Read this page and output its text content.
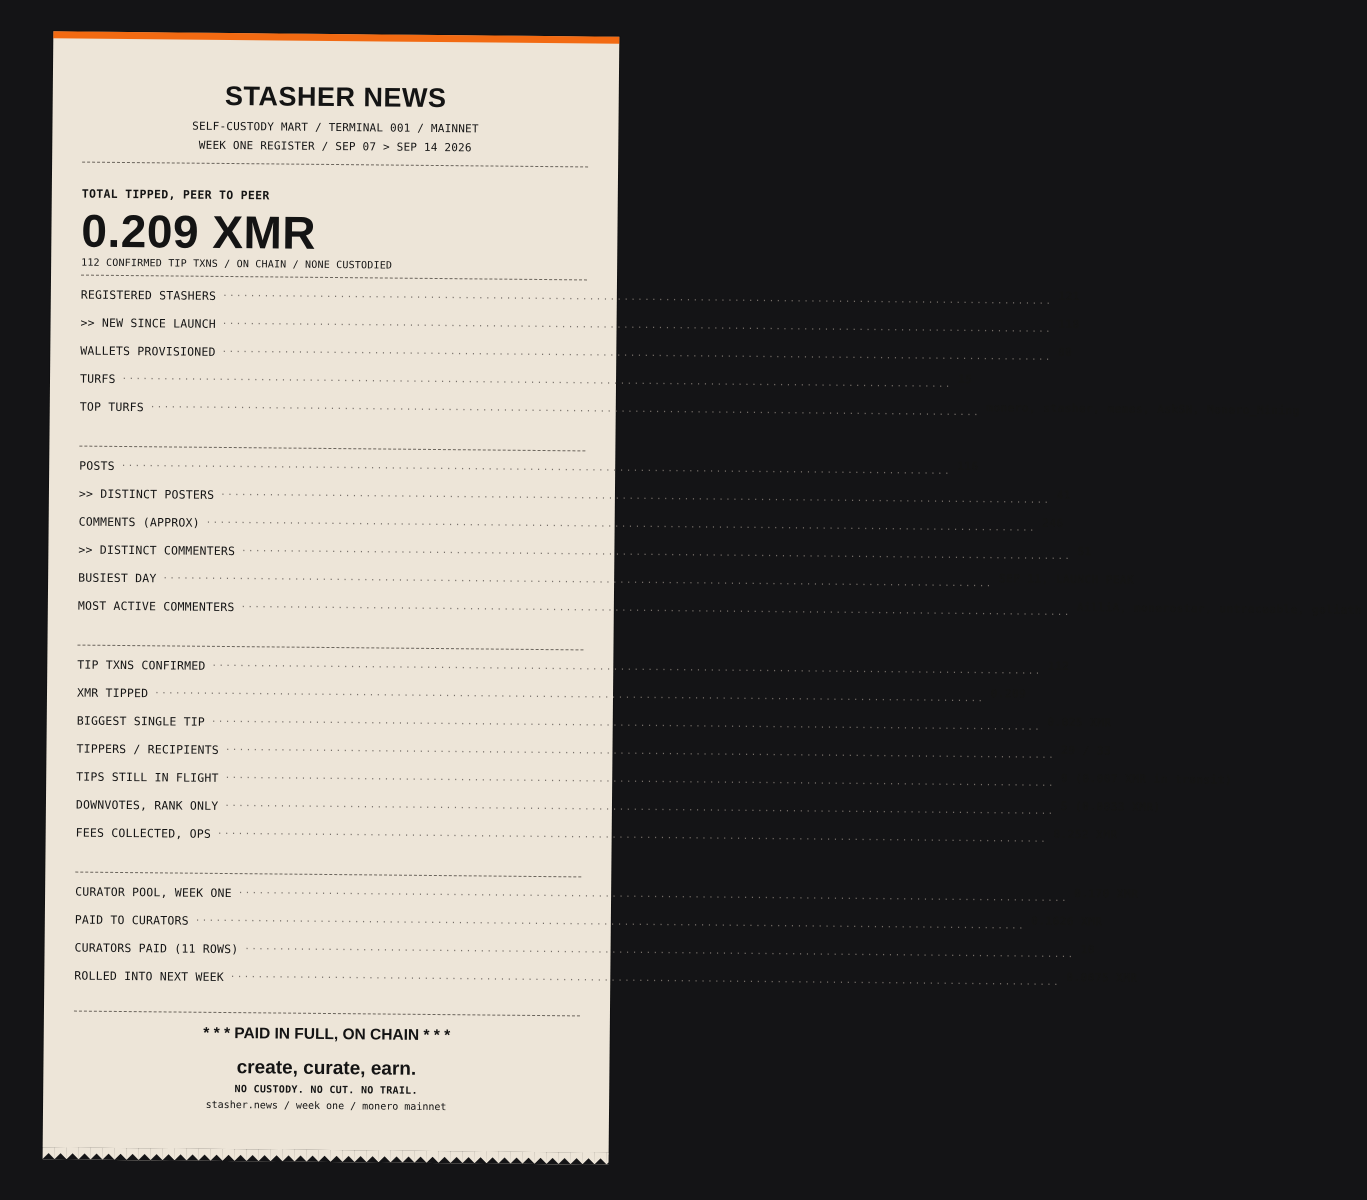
STASHER NEWS
SELF-CUSTODY MART / TERMINAL 001 / MAINNET
WEEK ONE REGISTER / SEP 07 > SEP 14 2026
TOTAL TIPPED, PEER TO PEER
0.209 XMR
112 CONFIRMED TIP TXNS / ON CHAIN / NONE CUSTODIED
REGISTERED STASHERS ........................................................................................................................ 121
>> NEW SINCE LAUNCH ........................................................................................................................ 118
WALLETS PROVISIONED ........................................................................................................................ 80
TURFS ........................................................................................................................ 15
TOP TURFS ........................................................................................................................ monero, stasher, memes, AskSN, Monero_Mining
POSTS ........................................................................................................................ 116
>> DISTINCT POSTERS ........................................................................................................................ 41
COMMENTS (APPROX) ........................................................................................................................ 246
>> DISTINCT COMMENTERS ........................................................................................................................ 51
BUSIEST DAY ........................................................................................................................ SEP 11, LAUNCH PEAK
MOST ACTIVE COMMENTERS ........................................................................................................................ AilliA, monerostar, untraceable, goliath
TIP TXNS CONFIRMED ........................................................................................................................ 112
XMR TIPPED ........................................................................................................................ 0.209
BIGGEST SINGLE TIP ........................................................................................................................ 0.025 XMR
TIPPERS / RECIPIENTS ........................................................................................................................ 29 / 33
TIPS STILL IN FLIGHT ........................................................................................................................ 9 (0.007 XMR in transit)
DOWNVOTES, RANK ONLY ........................................................................................................................ 5 (0.0033 XMR)
FEES COLLECTED, OPS ........................................................................................................................ 0.252 XMR
CURATOR POOL, WEEK ONE ........................................................................................................................ 0.170 XMR
PAID TO CURATORS ........................................................................................................................ 0.1626 XMR
CURATORS PAID (11 ROWS) ........................................................................................................................ 10
ROLLED INTO NEXT WEEK ........................................................................................................................ 0.0075 XMR
* * * PAID IN FULL, ON CHAIN * * *
create, curate, earn.
NO CUSTODY. NO CUT. NO TRAIL.
stasher.news / week one / monero mainnet
